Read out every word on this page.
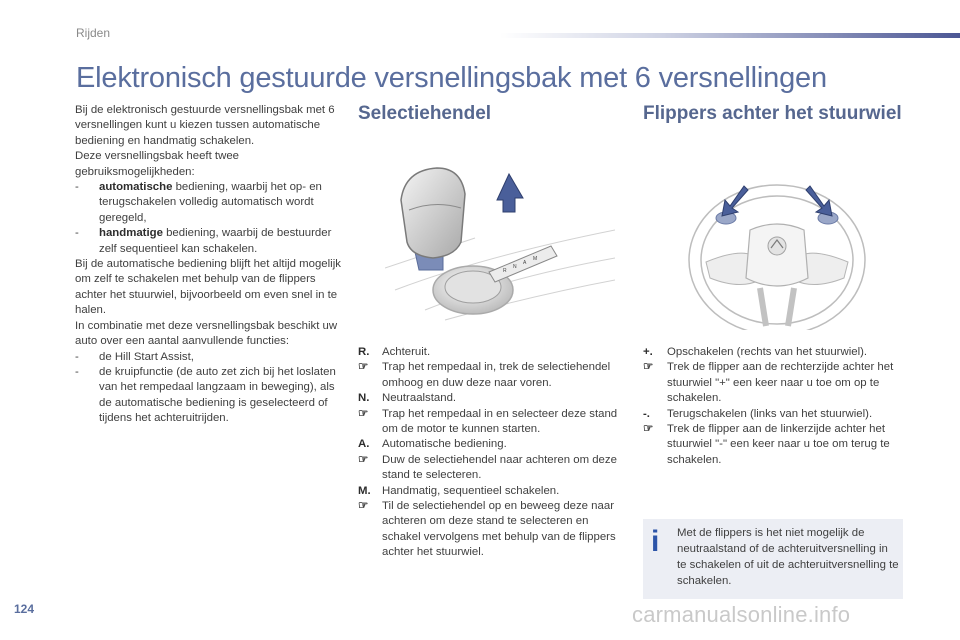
Rijden
Elektronisch gestuurde versnellingsbak met 6 versnellingen

Bij de elektronisch gestuurde versnellingsbak met 6 versnellingen kunt u kiezen tussen automatische bediening en handmatig schakelen.

Deze versnellingsbak heeft twee gebruiksmogelijkheden:

-	automatische bediening, waarbij het op- en terugschakelen volledig automatisch wordt geregeld,
-	handmatige bediening, waarbij de bestuurder zelf sequentieel kan schakelen.

Bij de automatische bediening blijft het altijd mogelijk om zelf te schakelen met behulp van de flippers achter het stuurwiel, bijvoorbeeld om even snel in te halen.

In combinatie met deze versnellingsbak beschikt uw auto over een aantal aanvullende functies:

-	de Hill Start Assist,
-	de kruipfunctie (de auto zet zich bij het loslaten van het rempedaal langzaam in beweging), als de automatische bediening is geselecteerd of tijdens het achteruitrijden.
Selectiehendel
R
N
A
M
R.	Achteruit.
☞	Trap het rempedaal in, trek de selectiehendel omhoog en duw deze naar voren.
N.	Neutraalstand.
☞	Trap het rempedaal in en selecteer deze stand om de motor te kunnen starten.
A.	Automatische bediening.
☞	Duw de selectiehendel naar achteren om deze stand te selecteren.
M. Handmatig, sequentieel schakelen.
☞	Til de selectiehendel op en beweeg deze naar achteren om deze stand te selecteren en schakel vervolgens met behulp van de flippers achter het stuurwiel.
Flippers achter het stuurwiel
+.	Opschakelen (rechts van het stuurwiel).
☞	Trek de flipper aan de rechterzijde achter het stuurwiel "+" een keer naar u toe om op te schakelen.
-.	Terugschakelen (links van het stuurwiel).
☞	Trek de flipper aan de linkerzijde achter het stuurwiel "-" een keer naar u toe om terug te schakelen.
i	Met de flippers is het niet mogelijk de neutraalstand of de achteruitversnelling in te schakelen of uit de achteruitversnelling te schakelen.
124	carmanualsonline.info
